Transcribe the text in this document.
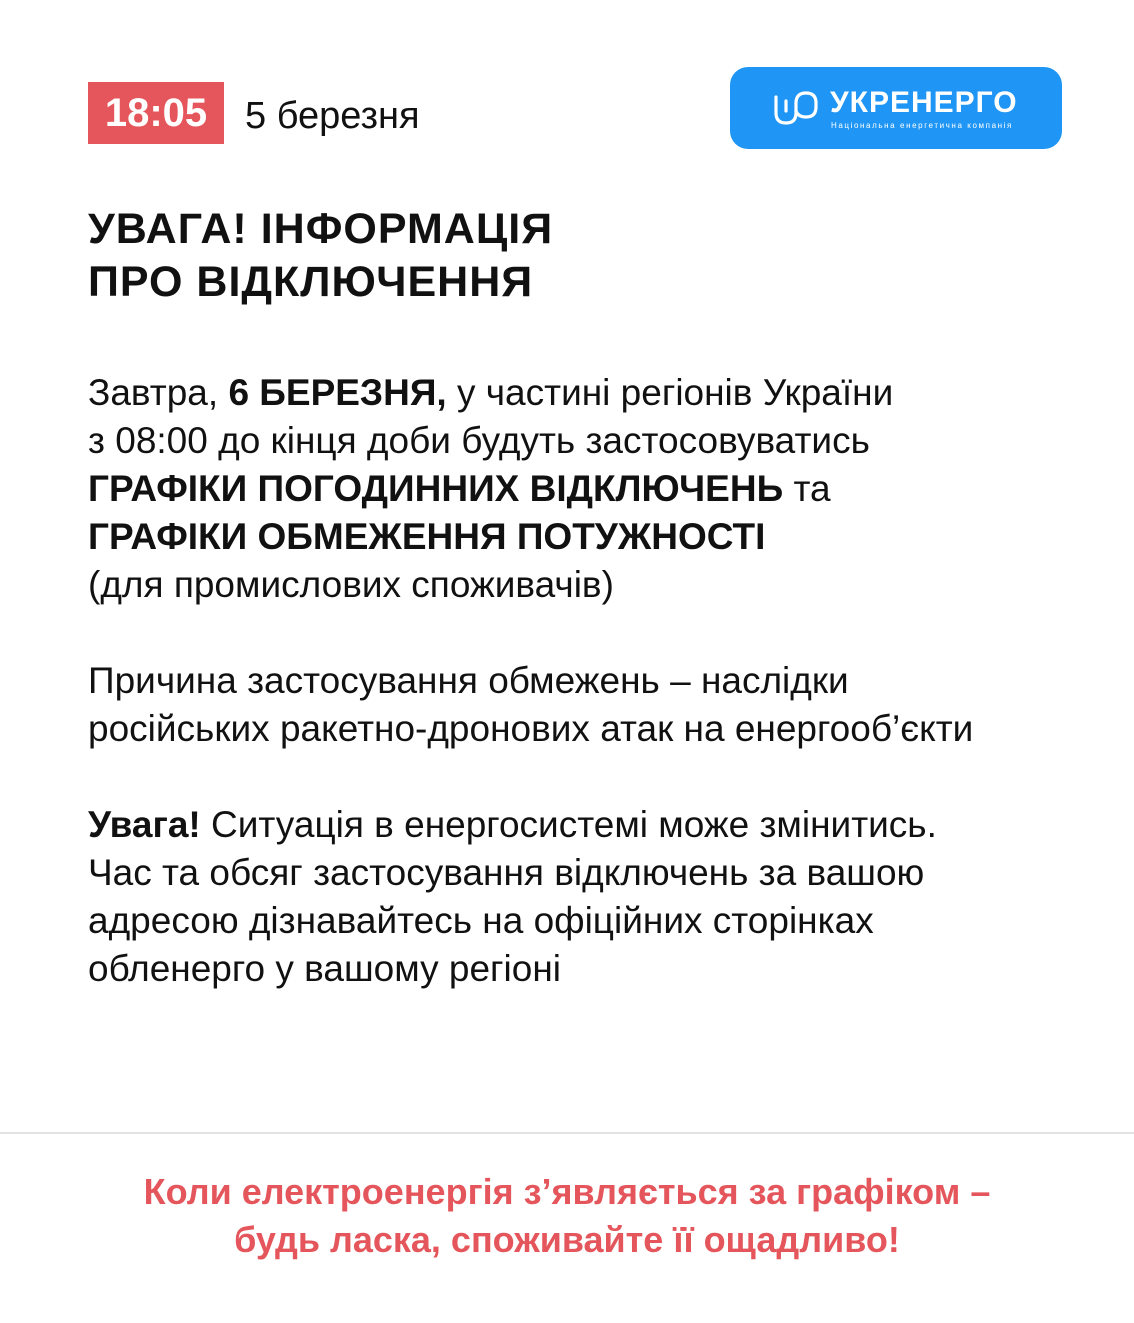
18:05 5 березня	УКРЕНЕРГО
Національна енергетична компанія
УВАГА! ІНФОРМАЦІЯ
ПРО ВІДКЛЮЧЕННЯ
Завтра, 6 БЕРЕЗНЯ, у частині регіонів України
з 08:00 до кінця доби будуть застосовуватись
ГРАФІКИ ПОГОДИННИХ ВІДКЛЮЧЕНЬ та
ГРАФІКИ ОБМЕЖЕННЯ ПОТУЖНОСТІ
(для промислових споживачів)
Причина застосування обмежень – наслідки
російських ракетно-дронових атак на енергооб’єкти
Увага! Ситуація в енергосистемі може змінитись.
Час та обсяг застосування відключень за вашою
адресою дізнавайтесь на офіційних сторінках
обленерго у вашому регіоні
Коли електроенергія з’являється за графіком –
будь ласка, споживайте її ощадливо!
